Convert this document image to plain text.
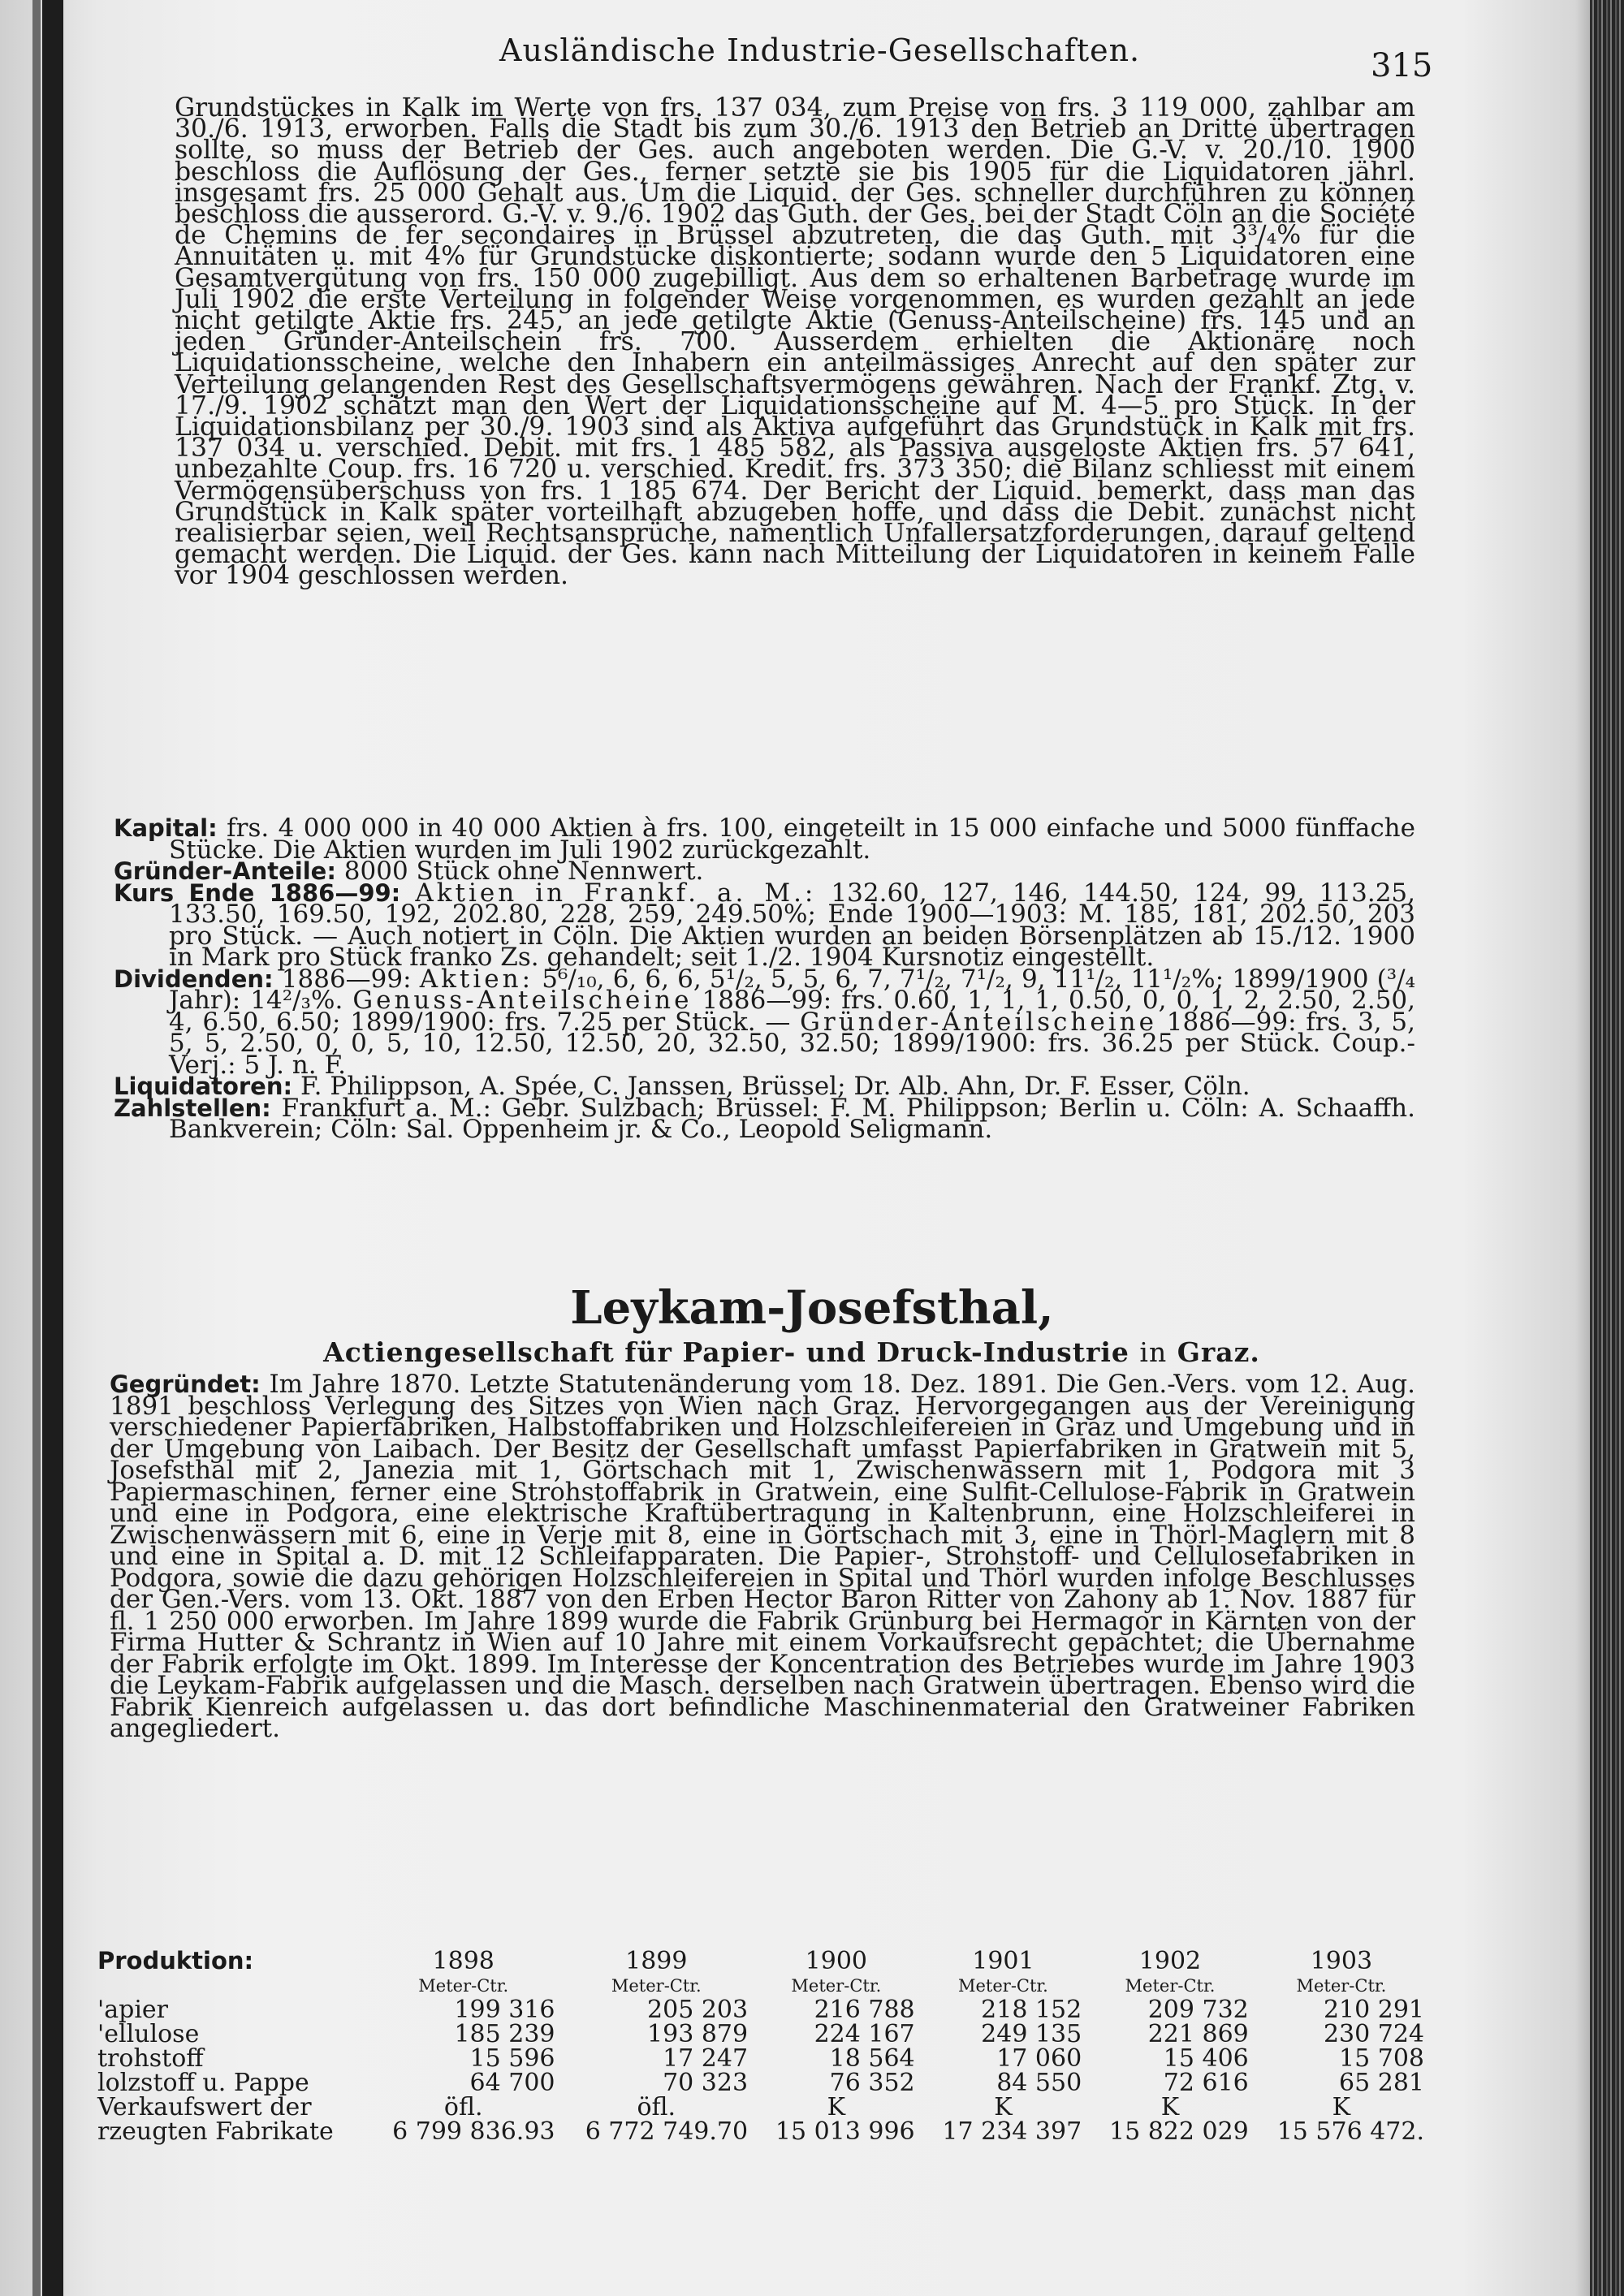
Ausländische Industrie-Gesellschaften.	315
Grundstückes in Kalk im Werte von frs. 137 034, zum Preise von frs. 3 119 000, zahlbar am 30./6. 1913, erworben. Falls die Stadt bis zum 30./6. 1913 den Betrieb an Dritte übertragen sollte, so muss der Betrieb der Ges. auch angeboten werden. Die G.-V. v. 20./10. 1900 beschloss die Auflösung der Ges., ferner setzte sie bis 1905 für die Liquidatoren jährl. insgesamt frs. 25 000 Gehalt aus. Um die Liquid. der Ges. schneller durchführen zu können beschloss die ausserord. G.-V. v. 9./6. 1902 das Guth. der Ges. bei der Stadt Cöln an die Société de Chemins de fer secondaires in Brüssel abzutreten, die das Guth. mit 3³/₄% für die Annuitäten u. mit 4% für Grundstücke diskontierte; sodann wurde den 5 Liquidatoren eine Gesamtvergütung von frs. 150 000 zugebilligt. Aus dem so erhaltenen Barbetrage wurde im Juli 1902 die erste Verteilung in folgender Weise vorgenommen, es wurden gezahlt an jede nicht getilgte Aktie frs. 245, an jede getilgte Aktie (Genuss-Anteilscheine) frs. 145 und an jeden Gründer-Anteilschein frs. 700. Ausserdem erhielten die Aktionäre noch Liquidationsscheine, welche den Inhabern ein anteilmässiges Anrecht auf den später zur Verteilung gelangenden Rest des Gesellschaftsvermögens gewähren. Nach der Frankf. Ztg. v. 17./9. 1902 schätzt man den Wert der Liquidationsscheine auf M. 4—5 pro Stück. In der Liquidationsbilanz per 30./9. 1903 sind als Aktiva aufgeführt das Grundstück in Kalk mit frs. 137 034 u. verschied. Debit. mit frs. 1 485 582, als Passiva ausgeloste Aktien frs. 57 641, unbezahlte Coup. frs. 16 720 u. verschied. Kredit. frs. 373 350; die Bilanz schliesst mit einem Vermögensüberschuss von frs. 1 185 674. Der Bericht der Liquid. bemerkt, dass man das Grundstück in Kalk später vorteilhaft abzugeben hoffe, und dass die Debit. zunächst nicht realisierbar seien, weil Rechtsansprüche, namentlich Unfallersatzforderungen, darauf geltend gemacht werden. Die Liquid. der Ges. kann nach Mitteilung der Liquidatoren in keinem Falle vor 1904 geschlossen werden.

Kapital: frs. 4 000 000 in 40 000 Aktien à frs. 100, eingeteilt in 15 000 einfache und 5000 fünffache Stücke. Die Aktien wurden im Juli 1902 zurückgezahlt.

Gründer-Anteile: 8000 Stück ohne Nennwert.

Kurs Ende 1886—99: Aktien in Frankf. a. M.: 132.60, 127, 146, 144.50, 124, 99, 113.25, 133.50, 169.50, 192, 202.80, 228, 259, 249.50%; Ende 1900—1903: M. 185, 181, 202.50, 203 pro Stück. — Auch notiert in Cöln. Die Aktien wurden an beiden Börsenplätzen ab 15./12. 1900 in Mark pro Stück franko Zs. gehandelt; seit 1./2. 1904 Kursnotiz eingestellt.

Dividenden: 1886—99: Aktien: 5⁶/₁₀, 6, 6, 6, 5¹/₂, 5, 5, 6, 7, 7¹/₂, 7¹/₂, 9, 11¹/₂, 11¹/₂%; 1899/1900 (³/₄ Jahr): 14²/₃%. Genuss-Anteilscheine 1886—99: frs. 0.60, 1, 1, 1, 0.50, 0, 0, 1, 2, 2.50, 2.50, 4, 6.50, 6.50; 1899/1900: frs. 7.25 per Stück. — Gründer-Anteilscheine 1886—99: frs. 3, 5, 5, 5, 2.50, 0, 0, 5, 10, 12.50, 12.50, 20, 32.50, 32.50; 1899/1900: frs. 36.25 per Stück. Coup.-Verj.: 5 J. n. F.

Liquidatoren: F. Philippson, A. Spée, C. Janssen, Brüssel; Dr. Alb. Ahn, Dr. F. Esser, Cöln.

Zahlstellen: Frankfurt a. M.: Gebr. Sulzbach; Brüssel: F. M. Philippson; Berlin u. Cöln: A. Schaaffh. Bankverein; Cöln: Sal. Oppenheim jr. & Co., Leopold Seligmann.

Leykam-Josefsthal,
Actiengesellschaft für Papier- und Druck-Industrie in Graz.
Gegründet: Im Jahre 1870. Letzte Statutenänderung vom 18. Dez. 1891. Die Gen.-Vers. vom 12. Aug. 1891 beschloss Verlegung des Sitzes von Wien nach Graz. Hervorgegangen aus der Vereinigung verschiedener Papierfabriken, Halbstoffabriken und Holzschleifereien in Graz und Umgebung und in der Umgebung von Laibach. Der Besitz der Gesellschaft umfasst Papierfabriken in Gratwein mit 5, Josefsthal mit 2, Janezia mit 1, Görtschach mit 1, Zwischenwässern mit 1, Podgora mit 3 Papiermaschinen, ferner eine Strohstoffabrik in Gratwein, eine Sulfit-Cellulose-Fabrik in Gratwein und eine in Podgora, eine elektrische Kraftübertragung in Kaltenbrunn, eine Holzschleiferei in Zwischenwässern mit 6, eine in Verje mit 8, eine in Görtschach mit 3, eine in Thörl-Maglern mit 8 und eine in Spital a. D. mit 12 Schleifapparaten. Die Papier-, Strohstoff- und Cellulosefabriken in Podgora, sowie die dazu gehörigen Holzschleifereien in Spital und Thörl wurden infolge Beschlusses der Gen.-Vers. vom 13. Okt. 1887 von den Erben Hector Baron Ritter von Zahony ab 1. Nov. 1887 für fl. 1 250 000 erworben. Im Jahre 1899 wurde die Fabrik Grünburg bei Hermagor in Kärnten von der Firma Hutter & Schrantz in Wien auf 10 Jahre mit einem Vorkaufsrecht gepachtet; die Übernahme der Fabrik erfolgte im Okt. 1899. Im Interesse der Koncentration des Betriebes wurde im Jahre 1903 die Leykam-Fabrik aufgelassen und die Masch. derselben nach Gratwein übertragen. Ebenso wird die Fabrik Kienreich aufgelassen u. das dort befindliche Maschinenmaterial den Gratweiner Fabriken angegliedert.
Produktion:	1898	1899	1900	1901	1902	1903
	Meter-Ctr.	Meter-Ctr.	Meter-Ctr.	Meter-Ctr.	Meter-Ctr.	Meter-Ctr.
'apier	199 316	205 203	216 788	218 152	209 732	210 291
'ellulose	185 239	193 879	224 167	249 135	221 869	230 724
trohstoff	15 596	17 247	18 564	17 060	15 406	15 708
lolzstoff u. Pappe	64 700	70 323	76 352	84 550	72 616	65 281
Verkaufswert der	öfl.	öfl.	K	K	K	K
rzeugten Fabrikate	6 799 836.93	6 772 749.70	15 013 996	17 234 397	15 822 029	15 576 472.
